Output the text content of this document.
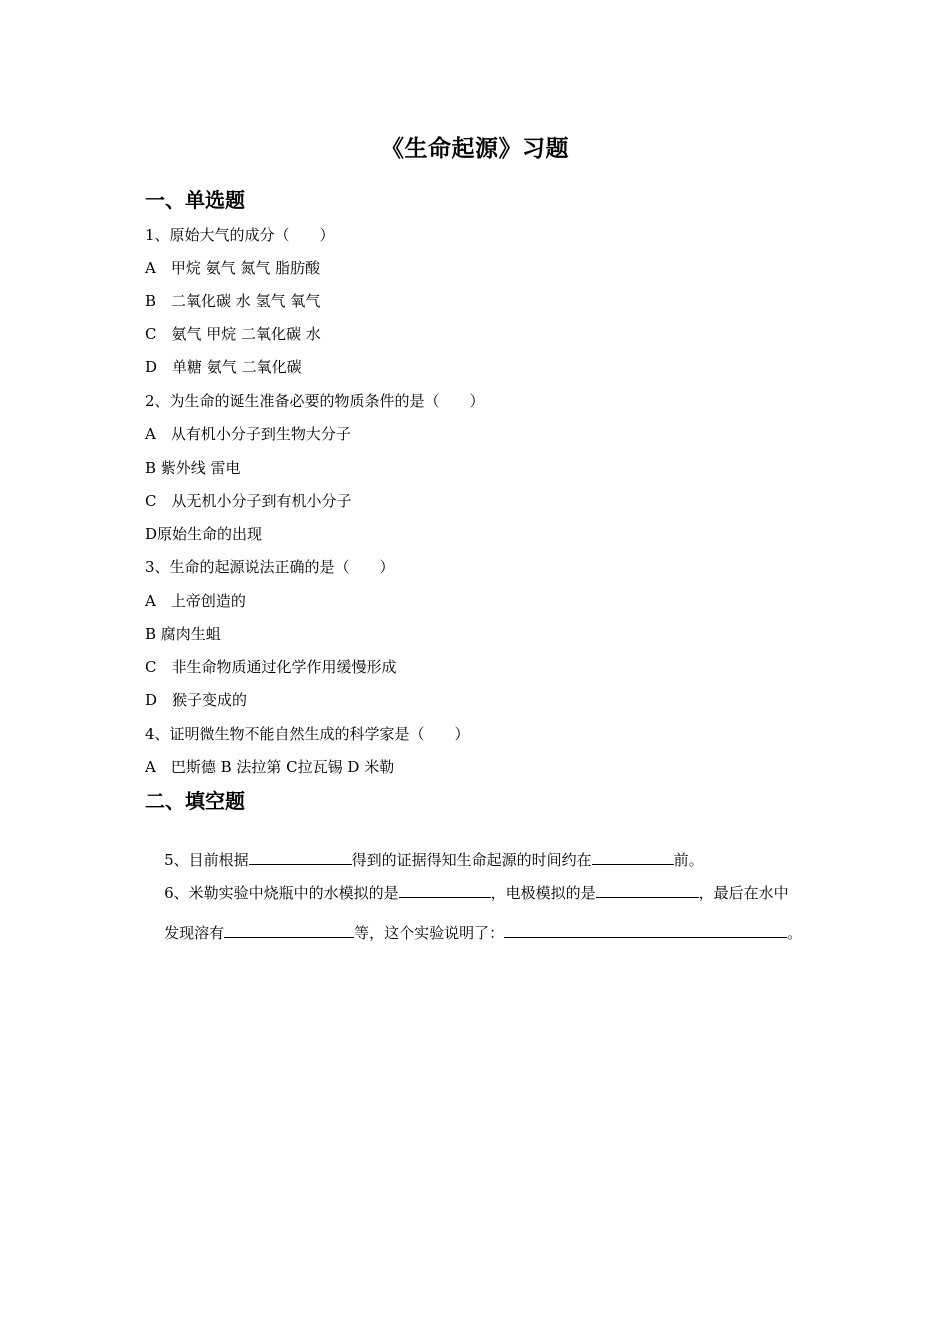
《生命起源》习题
一、单选题
1、原始大气的成分（　　）
A　甲烷 氨气 氮气 脂肪酸
B　二氧化碳 水 氢气 氧气
C　氨气 甲烷 二氧化碳 水
D　单糖 氨气 二氧化碳
2、为生命的诞生准备必要的物质条件的是（　　）
A　从有机小分子到生物大分子
B 紫外线 雷电
C　从无机小分子到有机小分子
D原始生命的出现
3、生命的起源说法正确的是（　　）
A　上帝创造的
B 腐肉生蛆
C　非生命物质通过化学作用缓慢形成
D　猴子变成的
4、证明微生物不能自然生成的科学家是（　　）
A　巴斯德 B 法拉第 C拉瓦锡 D 米勒
二、填空题

5、目前根据	得到的证据得知生命起源的时间约在	前。

6、米勒实验中烧瓶中的水模拟的是	，电极模拟的是	，最后在水中

发现溶有	等，这个实验说明了：	。
